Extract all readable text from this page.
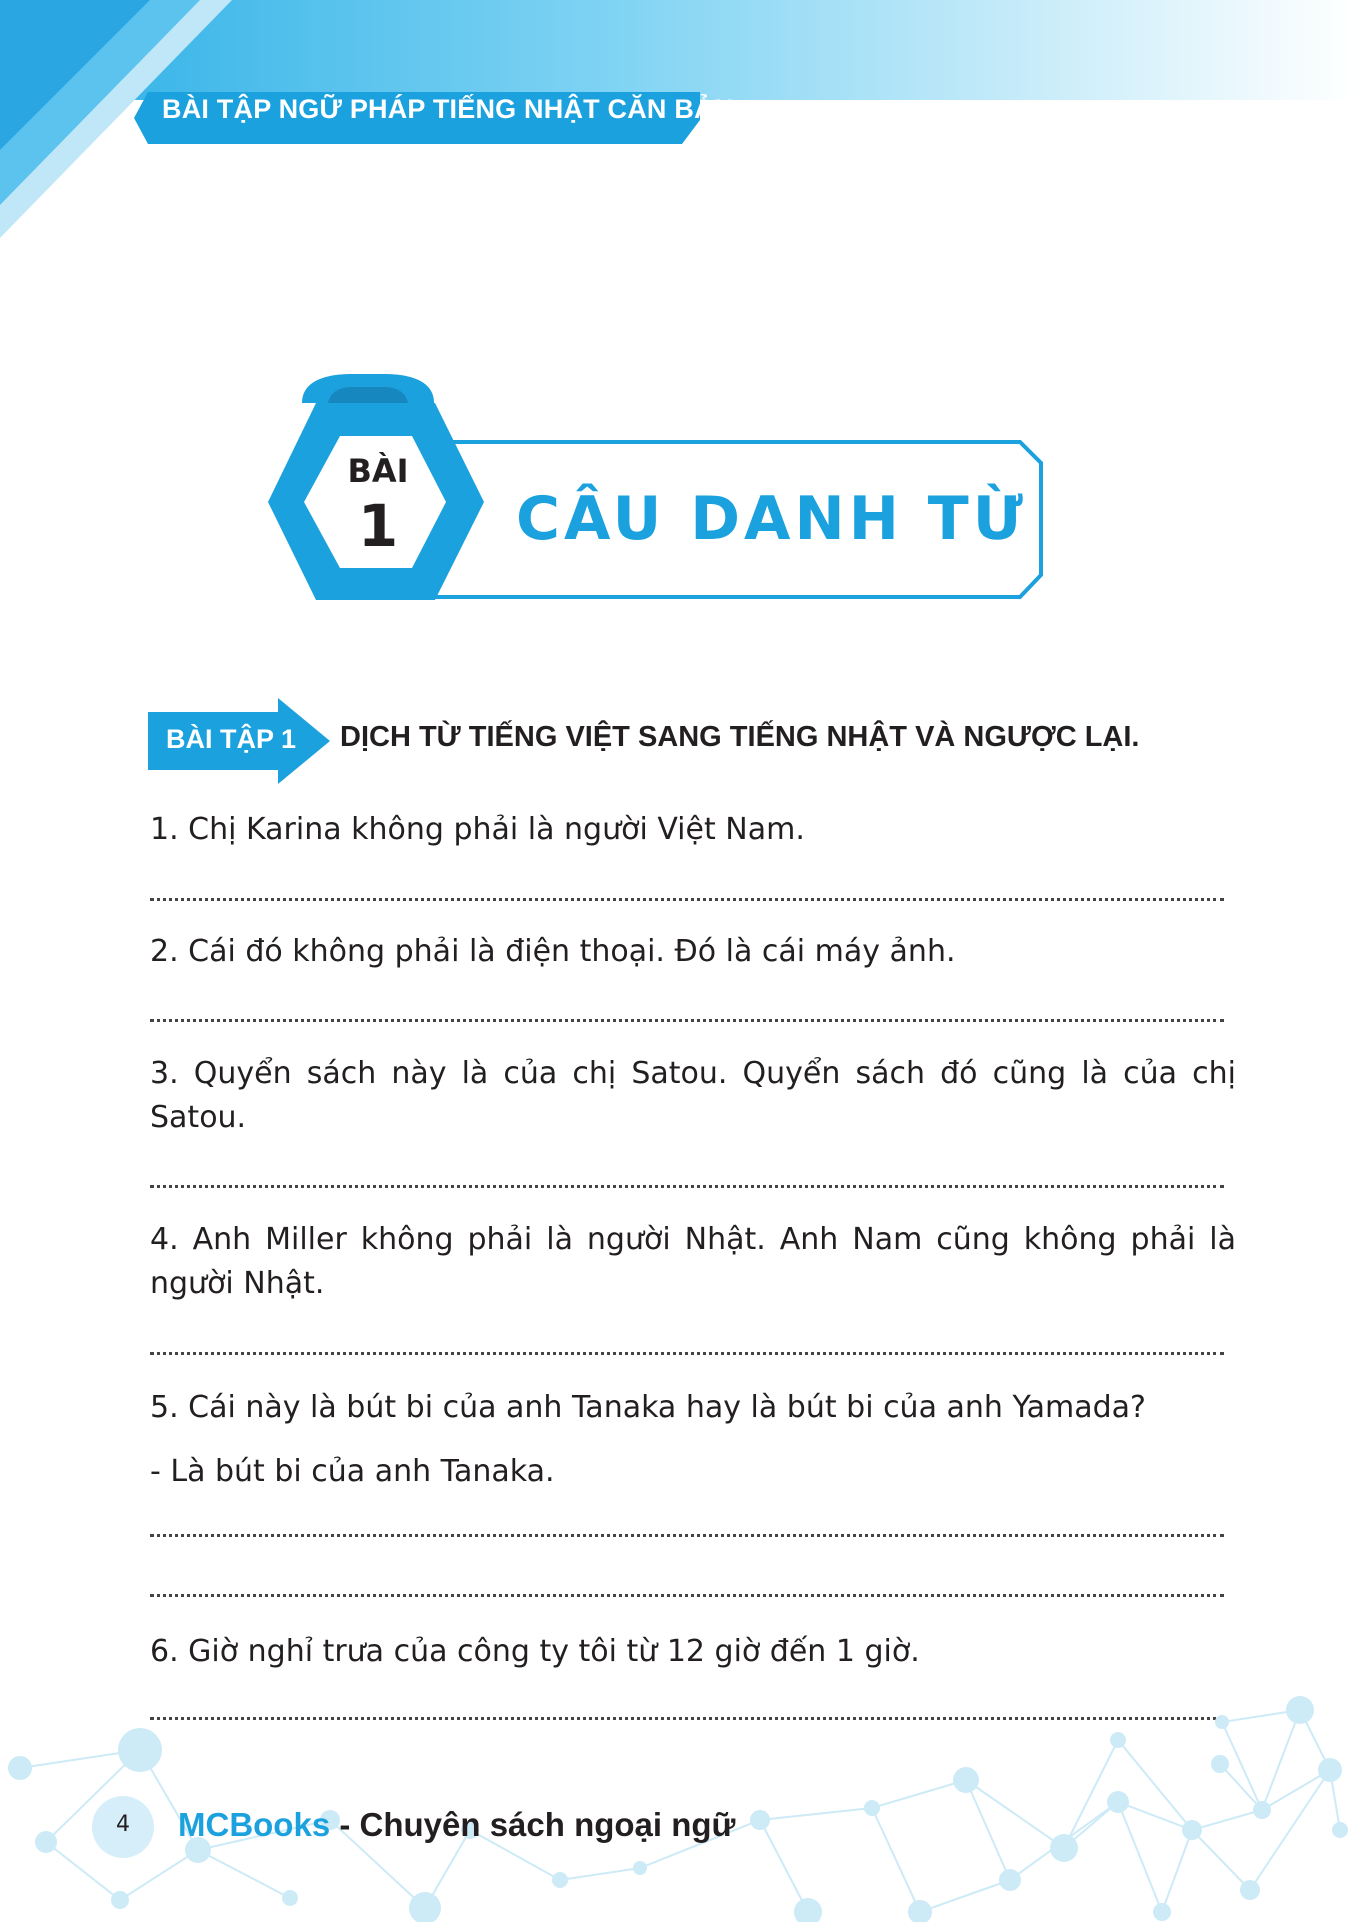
BÀI TẬP NGỮ PHÁP TIẾNG NHẬT CĂN BẢN
BÀI
1	CÂU DANH TỪ
BÀI TẬP 1 DỊCH TỪ TIẾNG VIỆT SANG TIẾNG NHẬT VÀ NGƯỢC LẠI.
1. Chị Karina không phải là người Việt Nam.
2. Cái đó không phải là điện thoại. Đó là cái máy ảnh.
3. Quyển sách này là của chị Satou. Quyển sách đó cũng là của chị Satou.
4. Anh Miller không phải là người Nhật. Anh Nam cũng không phải là người Nhật.
5. Cái này là bút bi của anh Tanaka hay là bút bi của anh Yamada?
- Là bút bi của anh Tanaka.
6. Giờ nghỉ trưa của công ty tôi từ 12 giờ đến 1 giờ.
4	MCBooks - Chuyên sách ngoại ngữ
